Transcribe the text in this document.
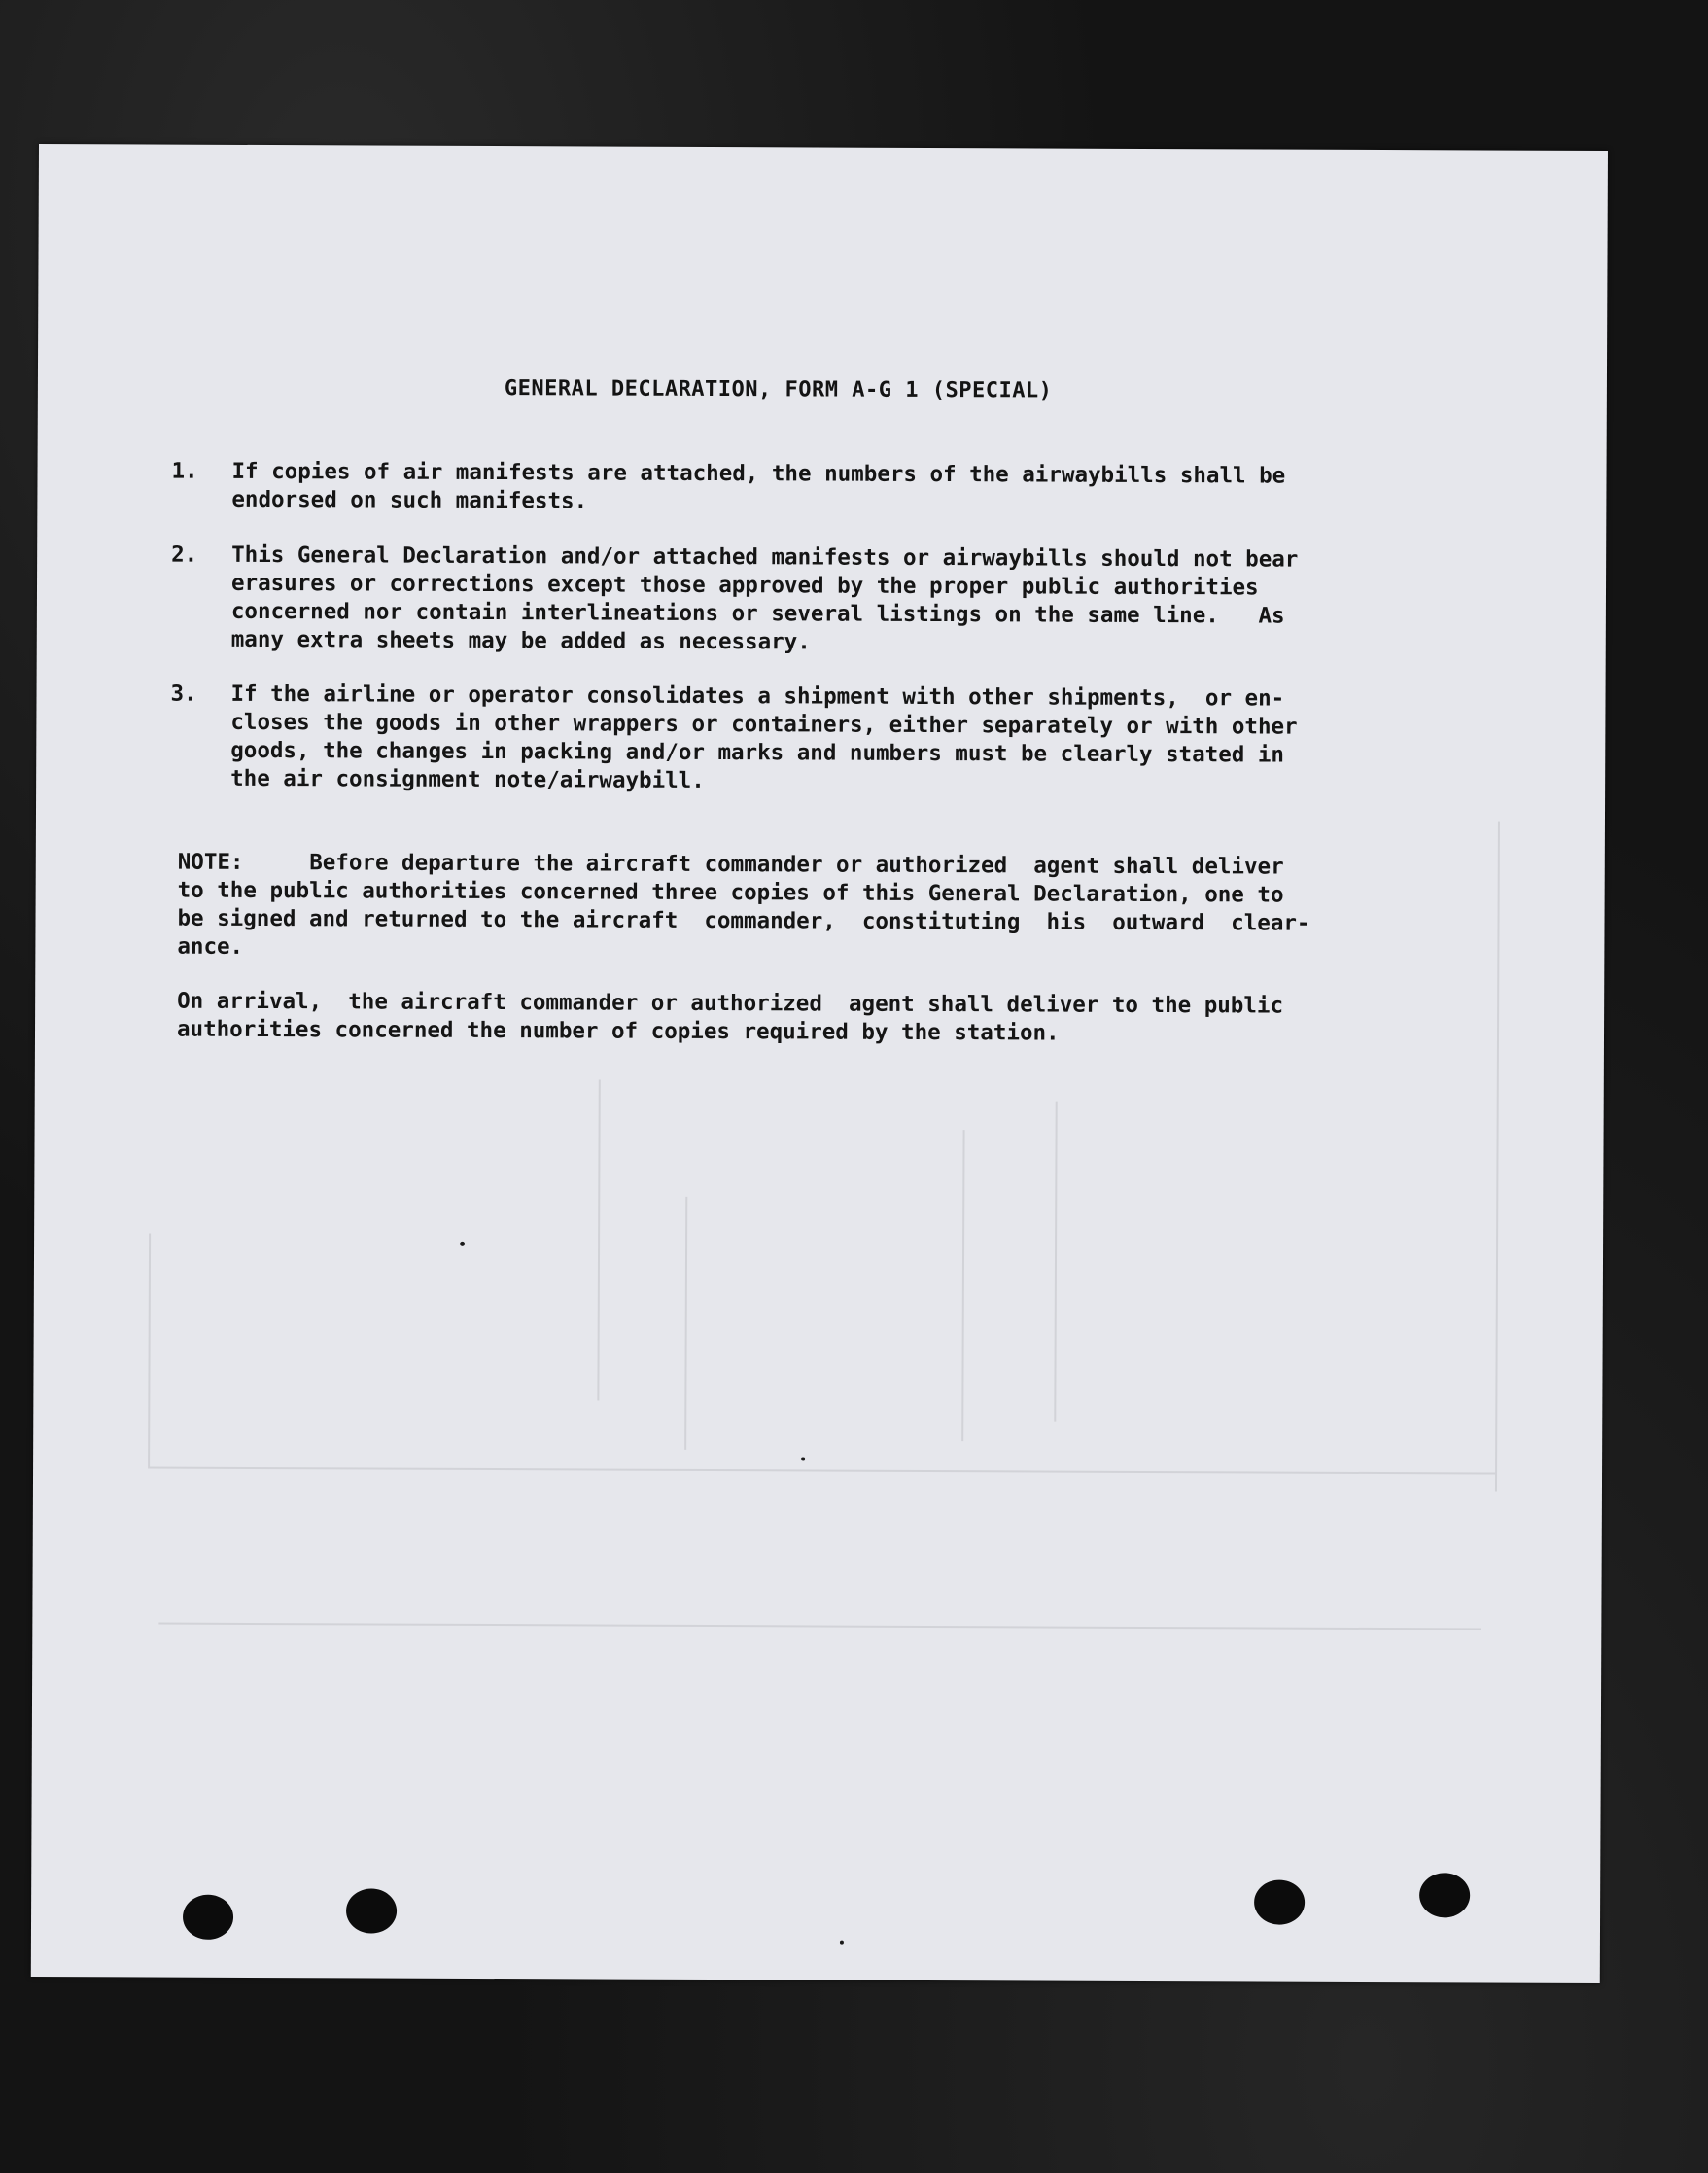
GENERAL DECLARATION, FORM A-G 1 (SPECIAL)
1.	If copies of air manifests are attached, the numbers of the airwaybills shall be
endorsed on such manifests.
2.	This General Declaration and/or attached manifests or airwaybills should not bear
erasures or corrections except those approved by the proper public authorities
concerned nor contain interlineations or several listings on the same line.   As
many extra sheets may be added as necessary.
3.	If the airline or operator consolidates a shipment with other shipments,  or en-
closes the goods in other wrappers or containers, either separately or with other
goods, the changes in packing and/or marks and numbers must be clearly stated in
the air consignment note/airwaybill.
NOTE:     Before departure the aircraft commander or authorized  agent shall deliver
to the public authorities concerned three copies of this General Declaration, one to
be signed and returned to the aircraft  commander,  constituting  his  outward  clear-
ance.
On arrival,  the aircraft commander or authorized  agent shall deliver to the public
authorities concerned the number of copies required by the station.
